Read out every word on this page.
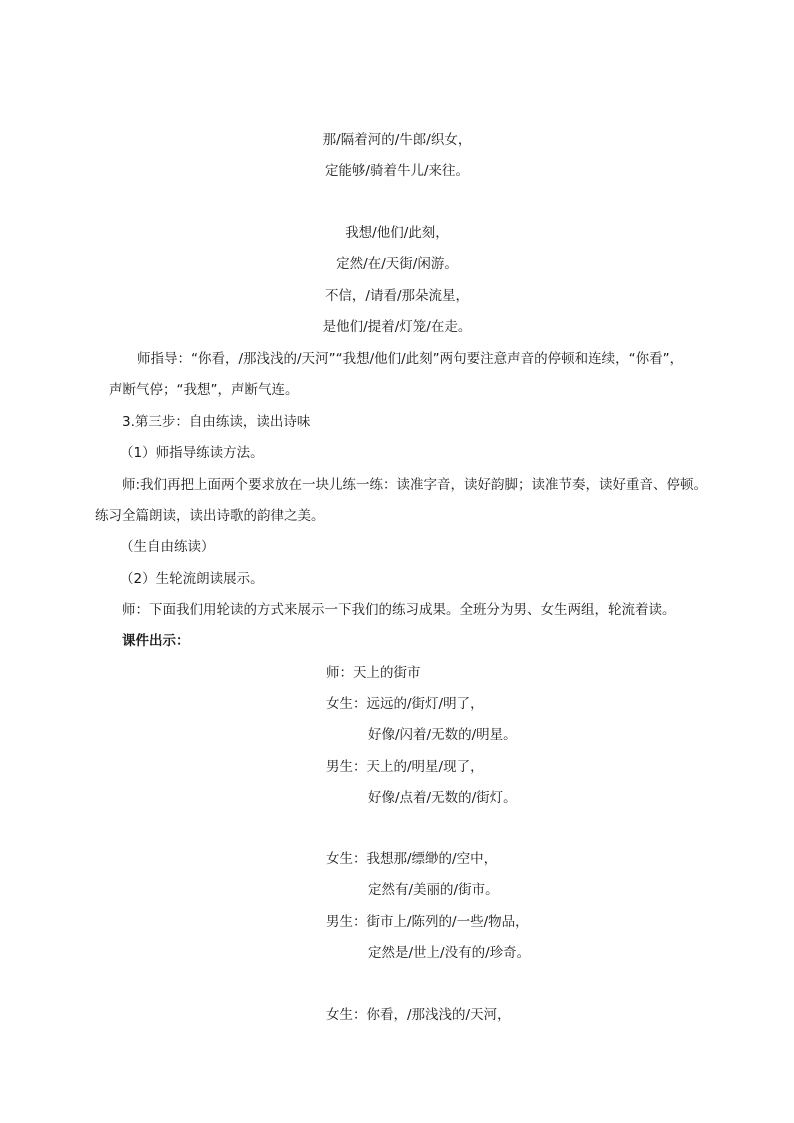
那/隔着河的/牛郎/织女，
定能够/骑着牛儿/来往。
我想/他们/此刻，
定然/在/天街/闲游。
不信，/请看/那朵流星，
是他们/提着/灯笼/在走。
师指导：“你看，/那浅浅的/天河”“我想/他们/此刻”两句要注意声音的停顿和连续，“你看”，
声断气停；“我想”，声断气连。
3.第三步：自由练读，读出诗味
（1）师指导练读方法。
师:我们再把上面两个要求放在一块儿练一练：读准字音，读好韵脚；读准节奏，读好重音、停顿。
练习全篇朗读，读出诗歌的韵律之美。
（生自由练读）
（2）生轮流朗读展示。
师：下面我们用轮读的方式来展示一下我们的练习成果。全班分为男、女生两组，轮流着读。
课件出示：
师：天上的街市
女生：远远的/街灯/明了，
好像/闪着/无数的/明星。
男生：天上的/明星/现了，
好像/点着/无数的/街灯。
女生：我想那/缥缈的/空中，
定然有/美丽的/街市。
男生：街市上/陈列的/一些/物品，
定然是/世上/没有的/珍奇。
女生：你看，/那浅浅的/天河，
